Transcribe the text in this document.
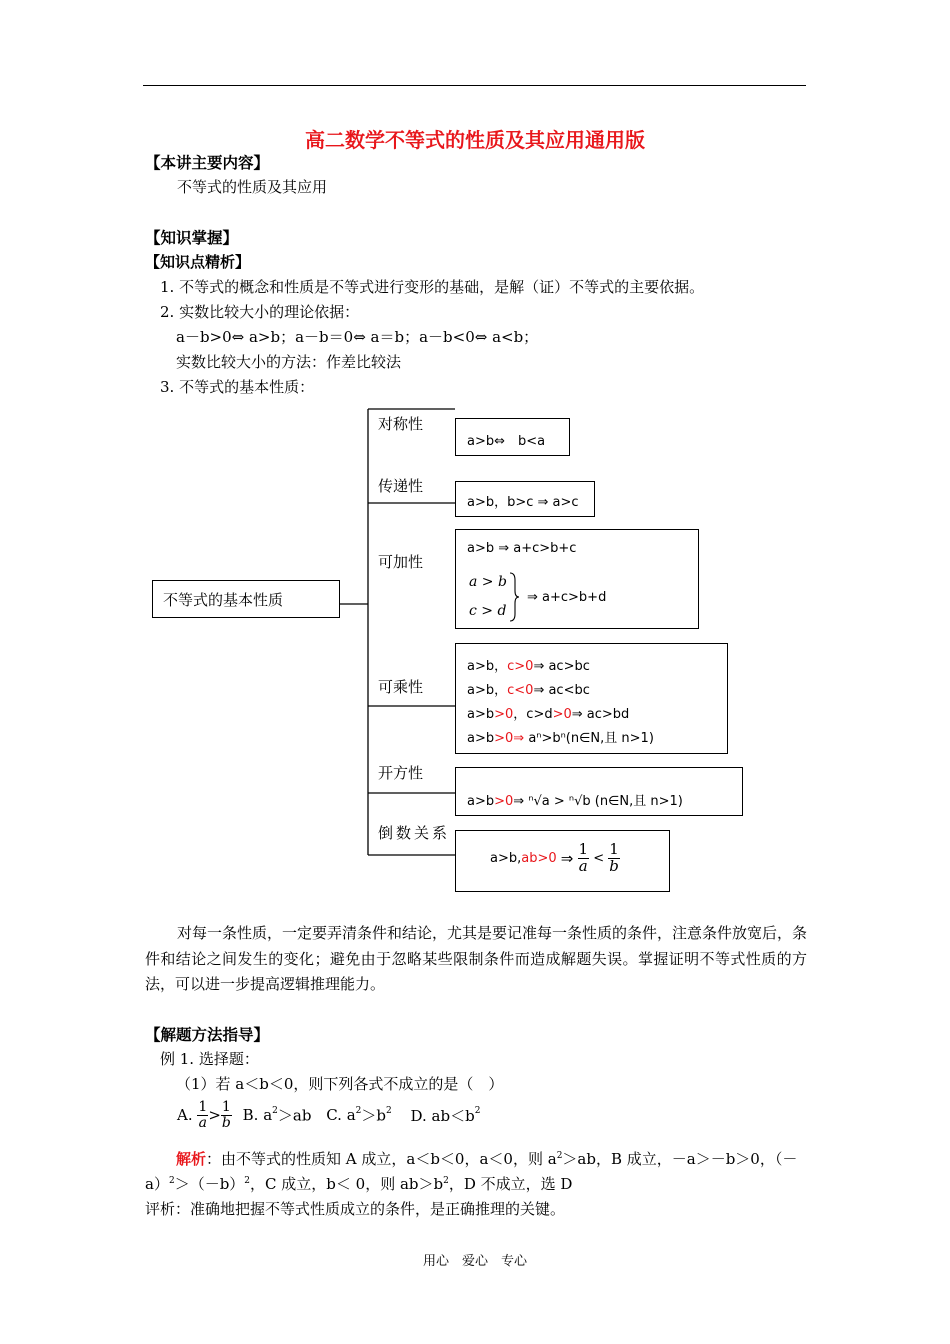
高二数学不等式的性质及其应用通用版
【本讲主要内容】
不等式的性质及其应用
【知识掌握】
【知识点精析】
1. 不等式的概念和性质是不等式进行变形的基础，是解（证）不等式的主要依据。
2. 实数比较大小的理论依据：
a－b>0⇔ a>b；a－b＝0⇔ a＝b；a－b<0⇔ a<b；
实数比较大小的方法：作差比较法
3. 不等式的基本性质：
不等式的基本性质
对称性
a>b⇔　b<a
传递性
a>b，b>c ⇒ a>c
可加性
a>b ⇒ a+c>b+c
a > b
c > d
⇒ a+c>b+d
可乘性
a>b，c>0⇒ ac>bc
a>b，c<0⇒ ac<bc
a>b>0，c>d>0⇒ ac>bd
a>b>0⇒ aⁿ>bⁿ(n∈N,且 n>1)
开方性
a>b>0⇒ ⁿ√a > ⁿ√b (n∈N,且 n>1)
倒数关系
a>b,ab>0 ⇒ $\frac{1}{a} < \frac{1}{b}$
对每一条性质，一定要弄清条件和结论，尤其是要记准每一条性质的条件，注意条件放宽后，条件和结论之间发生的变化；避免由于忽略某些限制条件而造成解题失误。掌握证明不等式性质的方法，可以进一步提高逻辑推理能力。
【解题方法指导】
例 1. 选择题：
（1）若 a＜b＜0，则下列各式不成立的是（　）
A. $\frac{1}{a} > \frac{1}{b} B$. $a^2>ab$ C. $a^2>b^2$ D. $ab<b^2$
解析：由不等式的性质知 A 成立，a＜b＜0，a＜0，则 $a^2>ab$，B 成立，－a＞－b＞0，（－
$a)^2>(-b)^2$，C 成立，b＜ 0，则 $ab>b^2$，D 不成立，选 D
评析：准确地把握不等式性质成立的条件，是正确推理的关键。
用心　爱心　专心
